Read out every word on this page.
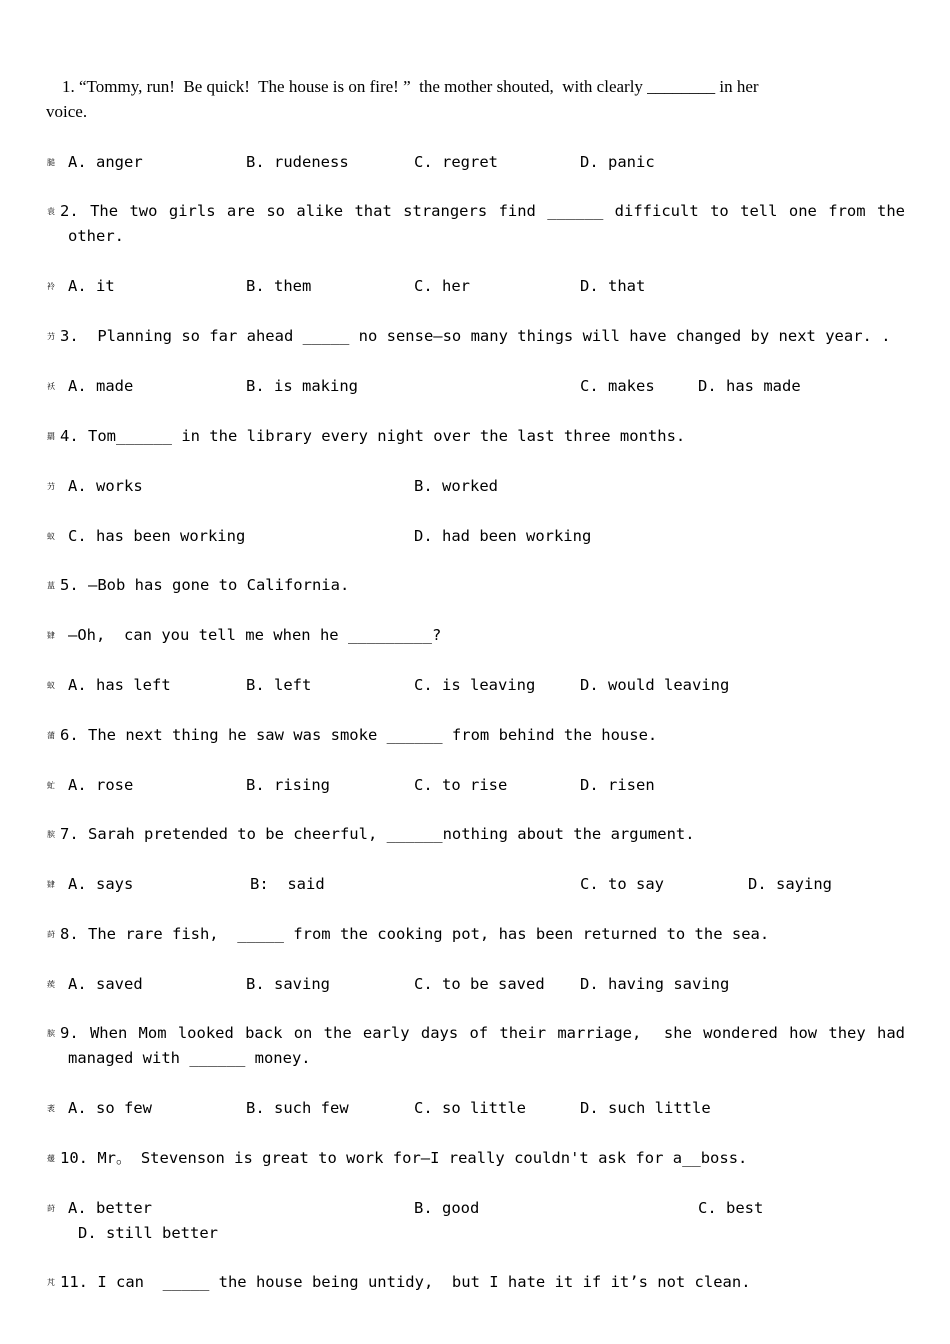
1. “Tommy, run!  Be quick!  The house is on fire! ”  the mother shouted,  with clearly ________ in her
voice.
膇 A. anger	B. rudeness	C. regret	D. panic
袁 2. The two girls are so alike that strangers find ______ difficult to tell one from the
other.
袊 A. it	B. them	C. her	D. that
芀 3.  Planning so far ahead _____ no sense—so many things will have changed by next year. .
袄 A. made	B. is making	C. makes	D. has made
羂 4. Tom______ in the library every night over the last three months.
芀 A. works	B. worked
蚁 C. has been working	D. had been working
蒀 5. —Bob has gone to California.
肄 —Oh,  can you tell me when he _________?
蚁 A. has left	B. left	C. is leaving	D. would leaving
蒲 6. The next thing he saw was smoke ______ from behind the house.
虻 A. rose	B. rising	C. to rise	D. risen
膑 7. Sarah pretended to be cheerful, ______nothing about the argument.
肄 A. says	B:  said	C. to say	D. saying
莳 8. The rare fish,  _____ from the cooking pot, has been returned to the sea.
蒺 A. saved	B. saving	C. to be saved D. having saving
膑 9. When Mom looked back on the early days of their marriage,  she wondered how they had
managed with ______ money.
袤 A. so few	B. such few	C. so little	D. such little
蕿 10. Mr。 Stevenson is great to work for—I really couldn't ask for a__boss.
莳 A. better	B. good	C. best
D. still better
芃 11. I can  _____ the house being untidy,  but I hate it if it’s not clean.
